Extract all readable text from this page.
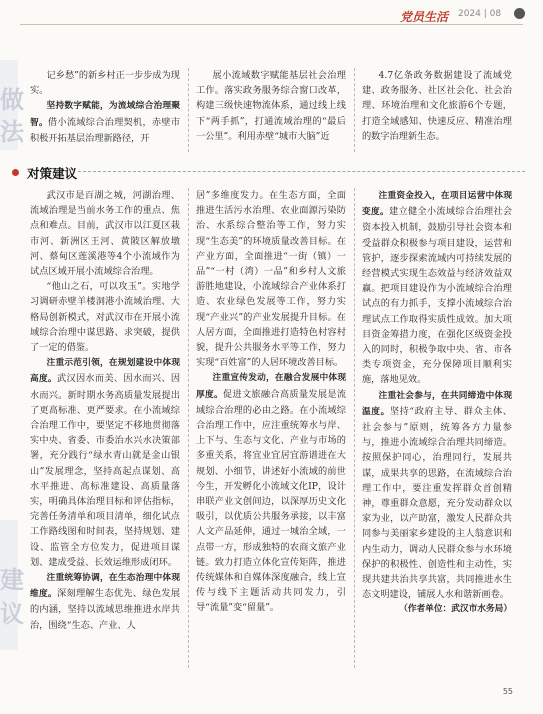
党员生活 2024 | 08
做
法
建
议

记乡愁”的新乡村正一步步成为现实。

坚持数字赋能，为流域综合治理聚智。借小流域综合治理契机，赤壁市积极开拓基层治理新路径，开

展小流域数字赋能基层社会治理工作。落实政务服务综合窗口改革，构建三级快速物流体系，通过线上线下“两手抓”，打通流域治理的“最后一公里”。利用赤壁“城市大脑”近

4.7亿条政务数据建设了流域党建、政务服务、社区社会化、社会治理、环境治理和文化旅游6个专题，打造全域感知、快速反应、精准治理的数字治理新生态。

对策建议

武汉市是百湖之城，河湖治理、流域治理是当前水务工作的重点、焦点和难点。目前，武汉市以江夏区栽市河、新洲区王河、黄陂区解放墩河、蔡甸区莲溪港等4个小流域作为试点区域开展小流域综合治理。

“他山之石，可以攻玉”。实地学习调研赤壁羊楼洞港小流域治理、大格局创新模式，对武汉市在开展小流域综合治理中谋思路、求突破，提供了一定的借鉴。

注重示范引领，在规划建设中体现高度。武汉因水而美、因水而兴、因水而兴。新时期水务高质量发展提出了更高标准、更严要求。在小流域综合治理工作中，要坚定不移地贯彻落实中央、省委、市委治水兴水决策部署，充分践行“绿水青山就是金山银山”发展理念，坚持高起点谋划、高水平推进、高标准建设、高质量落实，明确具体治理目标和评估指标，完善任务清单和项目清单，细化试点工作路线图和时间表，坚持规划、建设、监管全方位发力，促进项目谋划、建成受益、长效运维形成闭环。

注重统筹协调，在生态治理中体现维度。深刻理解生态优先、绿色发展的内涵，坚持以流域思维推进水岸共治，围绕“生态、产业、人

居”多维度发力。在生态方面，全面推进生活污水治理、农业面源污染防治、水系综合整治等工作，努力实现“生态美”的环境质量改善目标。在产业方面，全面推进“一街（镇）一品”“一村（湾）一品”和乡村人文旅游胜地建设，小流域综合产业体系打造、农业绿色发展等工作，努力实现“产业兴”的产业发展提升目标。在人居方面，全面推进打造特色村容村貌，提升公共服务水平等工作，努力实现“百姓富”的人居环境改善目标。

注重宣传发动，在融合发展中体现厚度。促进文旅融合高质量发展是流域综合治理的必由之路。在小流域综合治理工作中，应注重统筹水与岸、上下与、生态与文化、产业与市场的多重关系，将宜业宜居宜游谱进在大规划、小细节，讲述好小流域的前世今生，开发孵化小流域文化IP，设计串联产业文创间边，以深厚历史文化吸引，以优质公共服务承接，以丰富人文产品延伸，通过一城治全域，一点带一方，形成独特的农商文旅产业链。致力打造立体化宣传矩阵，推进传统媒体和自媒体深度融合，线上宣传与线下主题活动共同发力，引导“流量”变“留量”。

注重资金投入，在项目运营中体现变度。建立健全小流域综合治理社会资本投入机制，鼓励引导社会资本和受益群众积极参与项目建设，运营和管护，逐步探索流域内可持续发展的经营模式实现生态效益与经济效益双赢。把项目建设作为小流域综合治理试点的有力抓手，支撑小流域综合治理试点工作取得实质性成效。加大项目资金筹措力度，在强化区级资金投入的同时，积极争取中央、省、市各类专项资金，充分保障项目顺利实施，落地见效。

注重社会参与，在共同缔造中体现温度。坚持“政府主导、群众主体、社会参与”原则，统筹各方力量参与，推进小流域综合治理共同缔造。按照保护同心，治理同行，发展共谋，成果共享的思路，在流域综合治理工作中，要注重发挥群众首创精神，尊重群众意愿，充分发动群众以家为业，以产助富，激发人民群众共同参与美丽家乡建设的主人翁意识和内生动力，调动人民群众参与水环境保护的积极性、创造性和主动性，实现共建共治共享共富，共同推进水生态文明建设，铺展人水和谐新画卷。

（作者单位：武汉市水务局）

55
